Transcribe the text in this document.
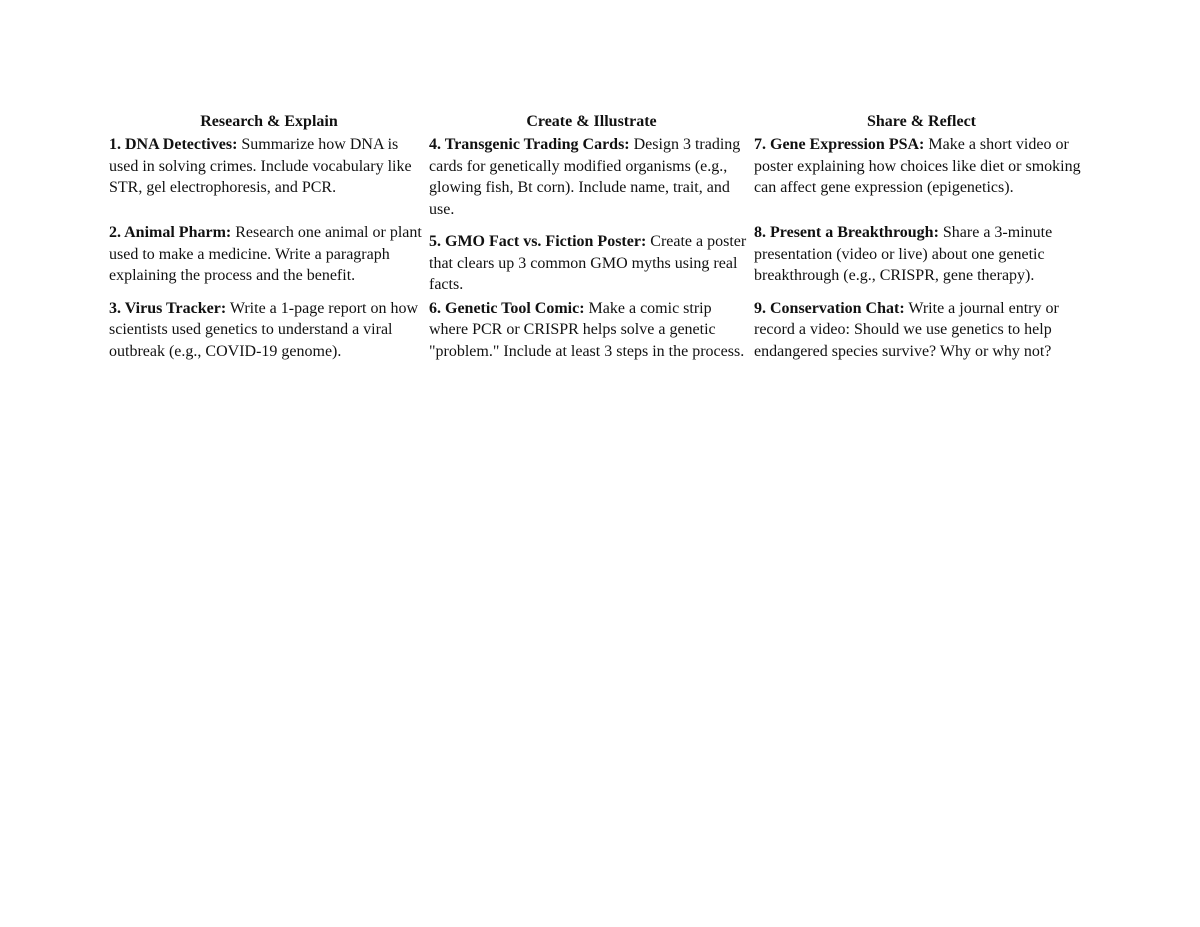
Research & Explain	Create & Illustrate	Share & Reflect
1. DNA Detectives: Summarize how DNA is used in solving crimes. Include vocabulary like STR, gel electrophoresis, and PCR.
4. Transgenic Trading Cards: Design 3 trading cards for genetically modified organisms (e.g., glowing fish, Bt corn). Include name, trait, and use.
7. Gene Expression PSA: Make a short video or poster explaining how choices like diet or smoking can affect gene expression (epigenetics).
2. Animal Pharm: Research one animal or plant used to make a medicine. Write a paragraph explaining the process and the benefit.
5. GMO Fact vs. Fiction Poster: Create a poster that clears up 3 common GMO myths using real facts.
8. Present a Breakthrough: Share a 3-minute presentation (video or live) about one genetic breakthrough (e.g., CRISPR, gene therapy).
3. Virus Tracker: Write a 1-page report on how scientists used genetics to understand a viral outbreak (e.g., COVID-19 genome).
6. Genetic Tool Comic: Make a comic strip where PCR or CRISPR helps solve a genetic "problem." Include at least 3 steps in the process.
9. Conservation Chat: Write a journal entry or record a video: Should we use genetics to help endangered species survive? Why or why not?
